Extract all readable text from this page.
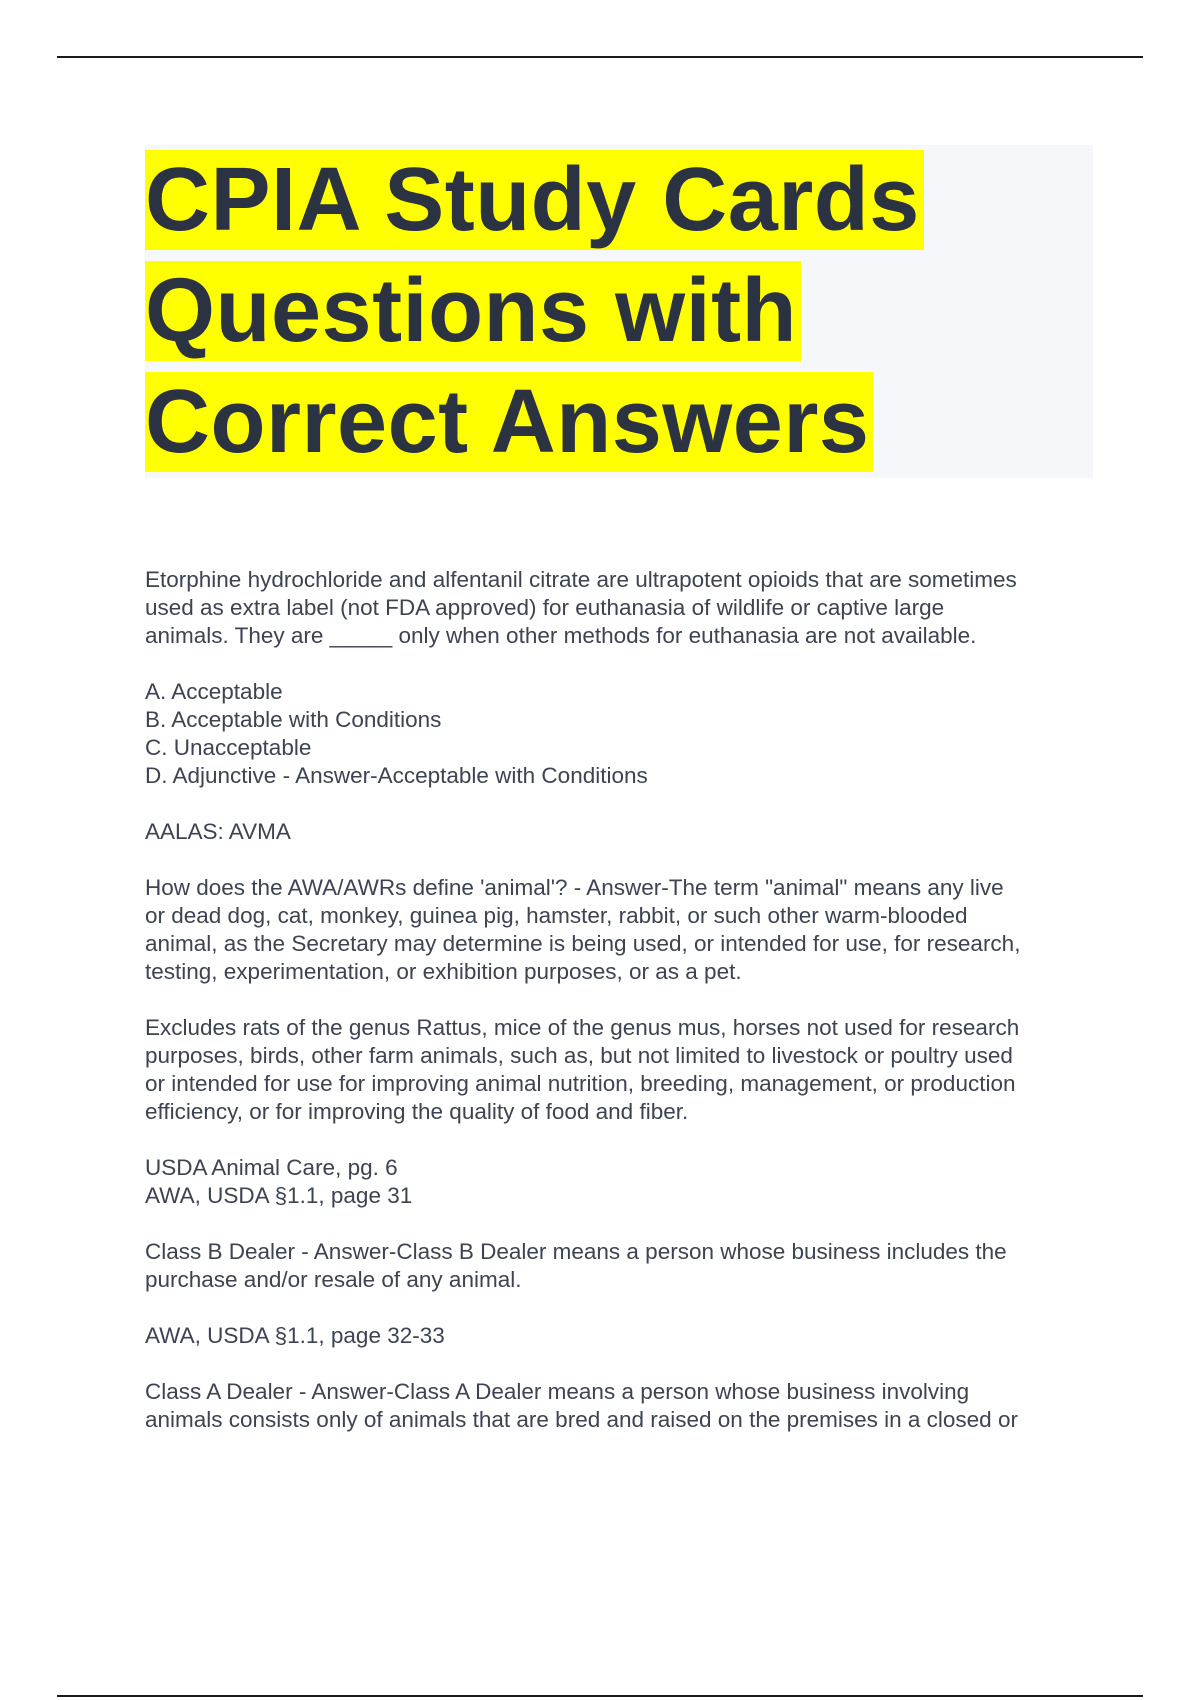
CPIA Study Cards

Questions with

Correct Answers

Etorphine hydrochloride and alfentanil citrate are ultrapotent opioids that are sometimes
used as extra label (not FDA approved) for euthanasia of wildlife or captive large
animals. They are _____ only when other methods for euthanasia are not available.
A. Acceptable
B. Acceptable with Conditions
C. Unacceptable
D. Adjunctive - Answer-Acceptable with Conditions
AALAS: AVMA
How does the AWA/AWRs define 'animal'? - Answer-The term "animal" means any live
or dead dog, cat, monkey, guinea pig, hamster, rabbit, or such other warm-blooded
animal, as the Secretary may determine is being used, or intended for use, for research,
testing, experimentation, or exhibition purposes, or as a pet.
Excludes rats of the genus Rattus, mice of the genus mus, horses not used for research
purposes, birds, other farm animals, such as, but not limited to livestock or poultry used
or intended for use for improving animal nutrition, breeding, management, or production
efficiency, or for improving the quality of food and fiber.
USDA Animal Care, pg. 6
AWA, USDA §1.1, page 31
Class B Dealer - Answer-Class B Dealer means a person whose business includes the
purchase and/or resale of any animal.
AWA, USDA §1.1, page 32-33
Class A Dealer - Answer-Class A Dealer means a person whose business involving
animals consists only of animals that are bred and raised on the premises in a closed or
